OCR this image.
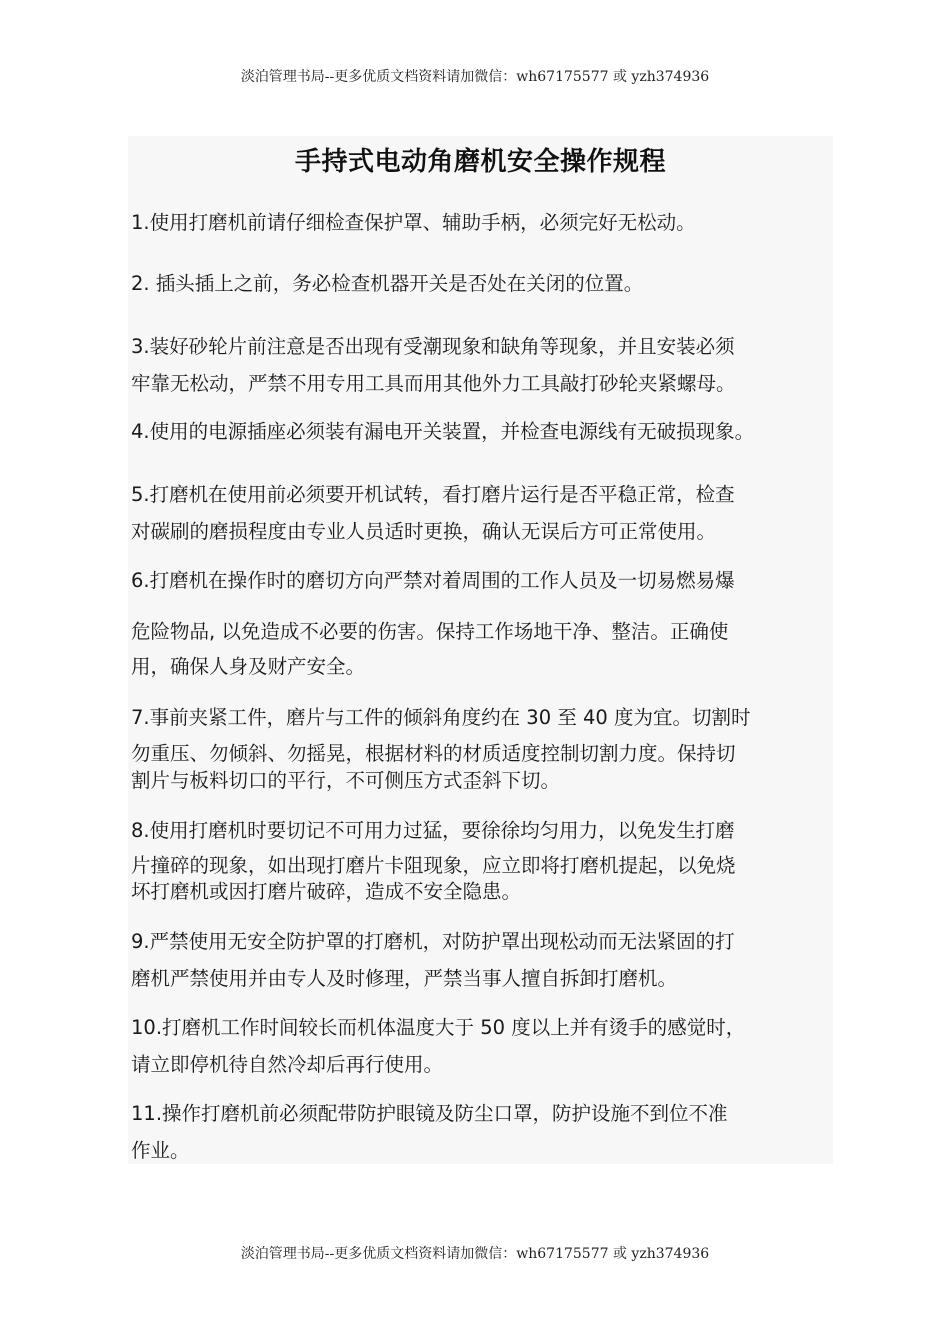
淡泊管理书局--更多优质文档资料请加微信：wh67175577 或 yzh374936
手持式电动角磨机安全操作规程
1.使用打磨机前请仔细检查保护罩、辅助手柄，必须完好无松动。
2. 插头插上之前，务必检查机器开关是否处在关闭的位置。
3.装好砂轮片前注意是否出现有受潮现象和缺角等现象，并且安装必须
牢靠无松动，严禁不用专用工具而用其他外力工具敲打砂轮夹紧螺母。
4.使用的电源插座必须装有漏电开关装置，并检查电源线有无破损现象。
5.打磨机在使用前必须要开机试转，看打磨片运行是否平稳正常，检查
对碳刷的磨损程度由专业人员适时更换，确认无误后方可正常使用。
6.打磨机在操作时的磨切方向严禁对着周围的工作人员及一切易燃易爆
危险物品, 以免造成不必要的伤害。保持工作场地干净、整洁。正确使
用，确保人身及财产安全。
7.事前夹紧工件，磨片与工件的倾斜角度约在 30 至 40 度为宜。切割时
勿重压、勿倾斜、勿摇晃，根据材料的材质适度控制切割力度。保持切
割片与板料切口的平行，不可侧压方式歪斜下切。
8.使用打磨机时要切记不可用力过猛，要徐徐均匀用力，以免发生打磨
片撞碎的现象，如出现打磨片卡阻现象，应立即将打磨机提起，以免烧
坏打磨机或因打磨片破碎，造成不安全隐患。
9.严禁使用无安全防护罩的打磨机，对防护罩出现松动而无法紧固的打
磨机严禁使用并由专人及时修理，严禁当事人擅自拆卸打磨机。
10.打磨机工作时间较长而机体温度大于 50 度以上并有烫手的感觉时，
请立即停机待自然冷却后再行使用。
11.操作打磨机前必须配带防护眼镜及防尘口罩，防护设施不到位不准
作业。
淡泊管理书局--更多优质文档资料请加微信：wh67175577 或 yzh374936
